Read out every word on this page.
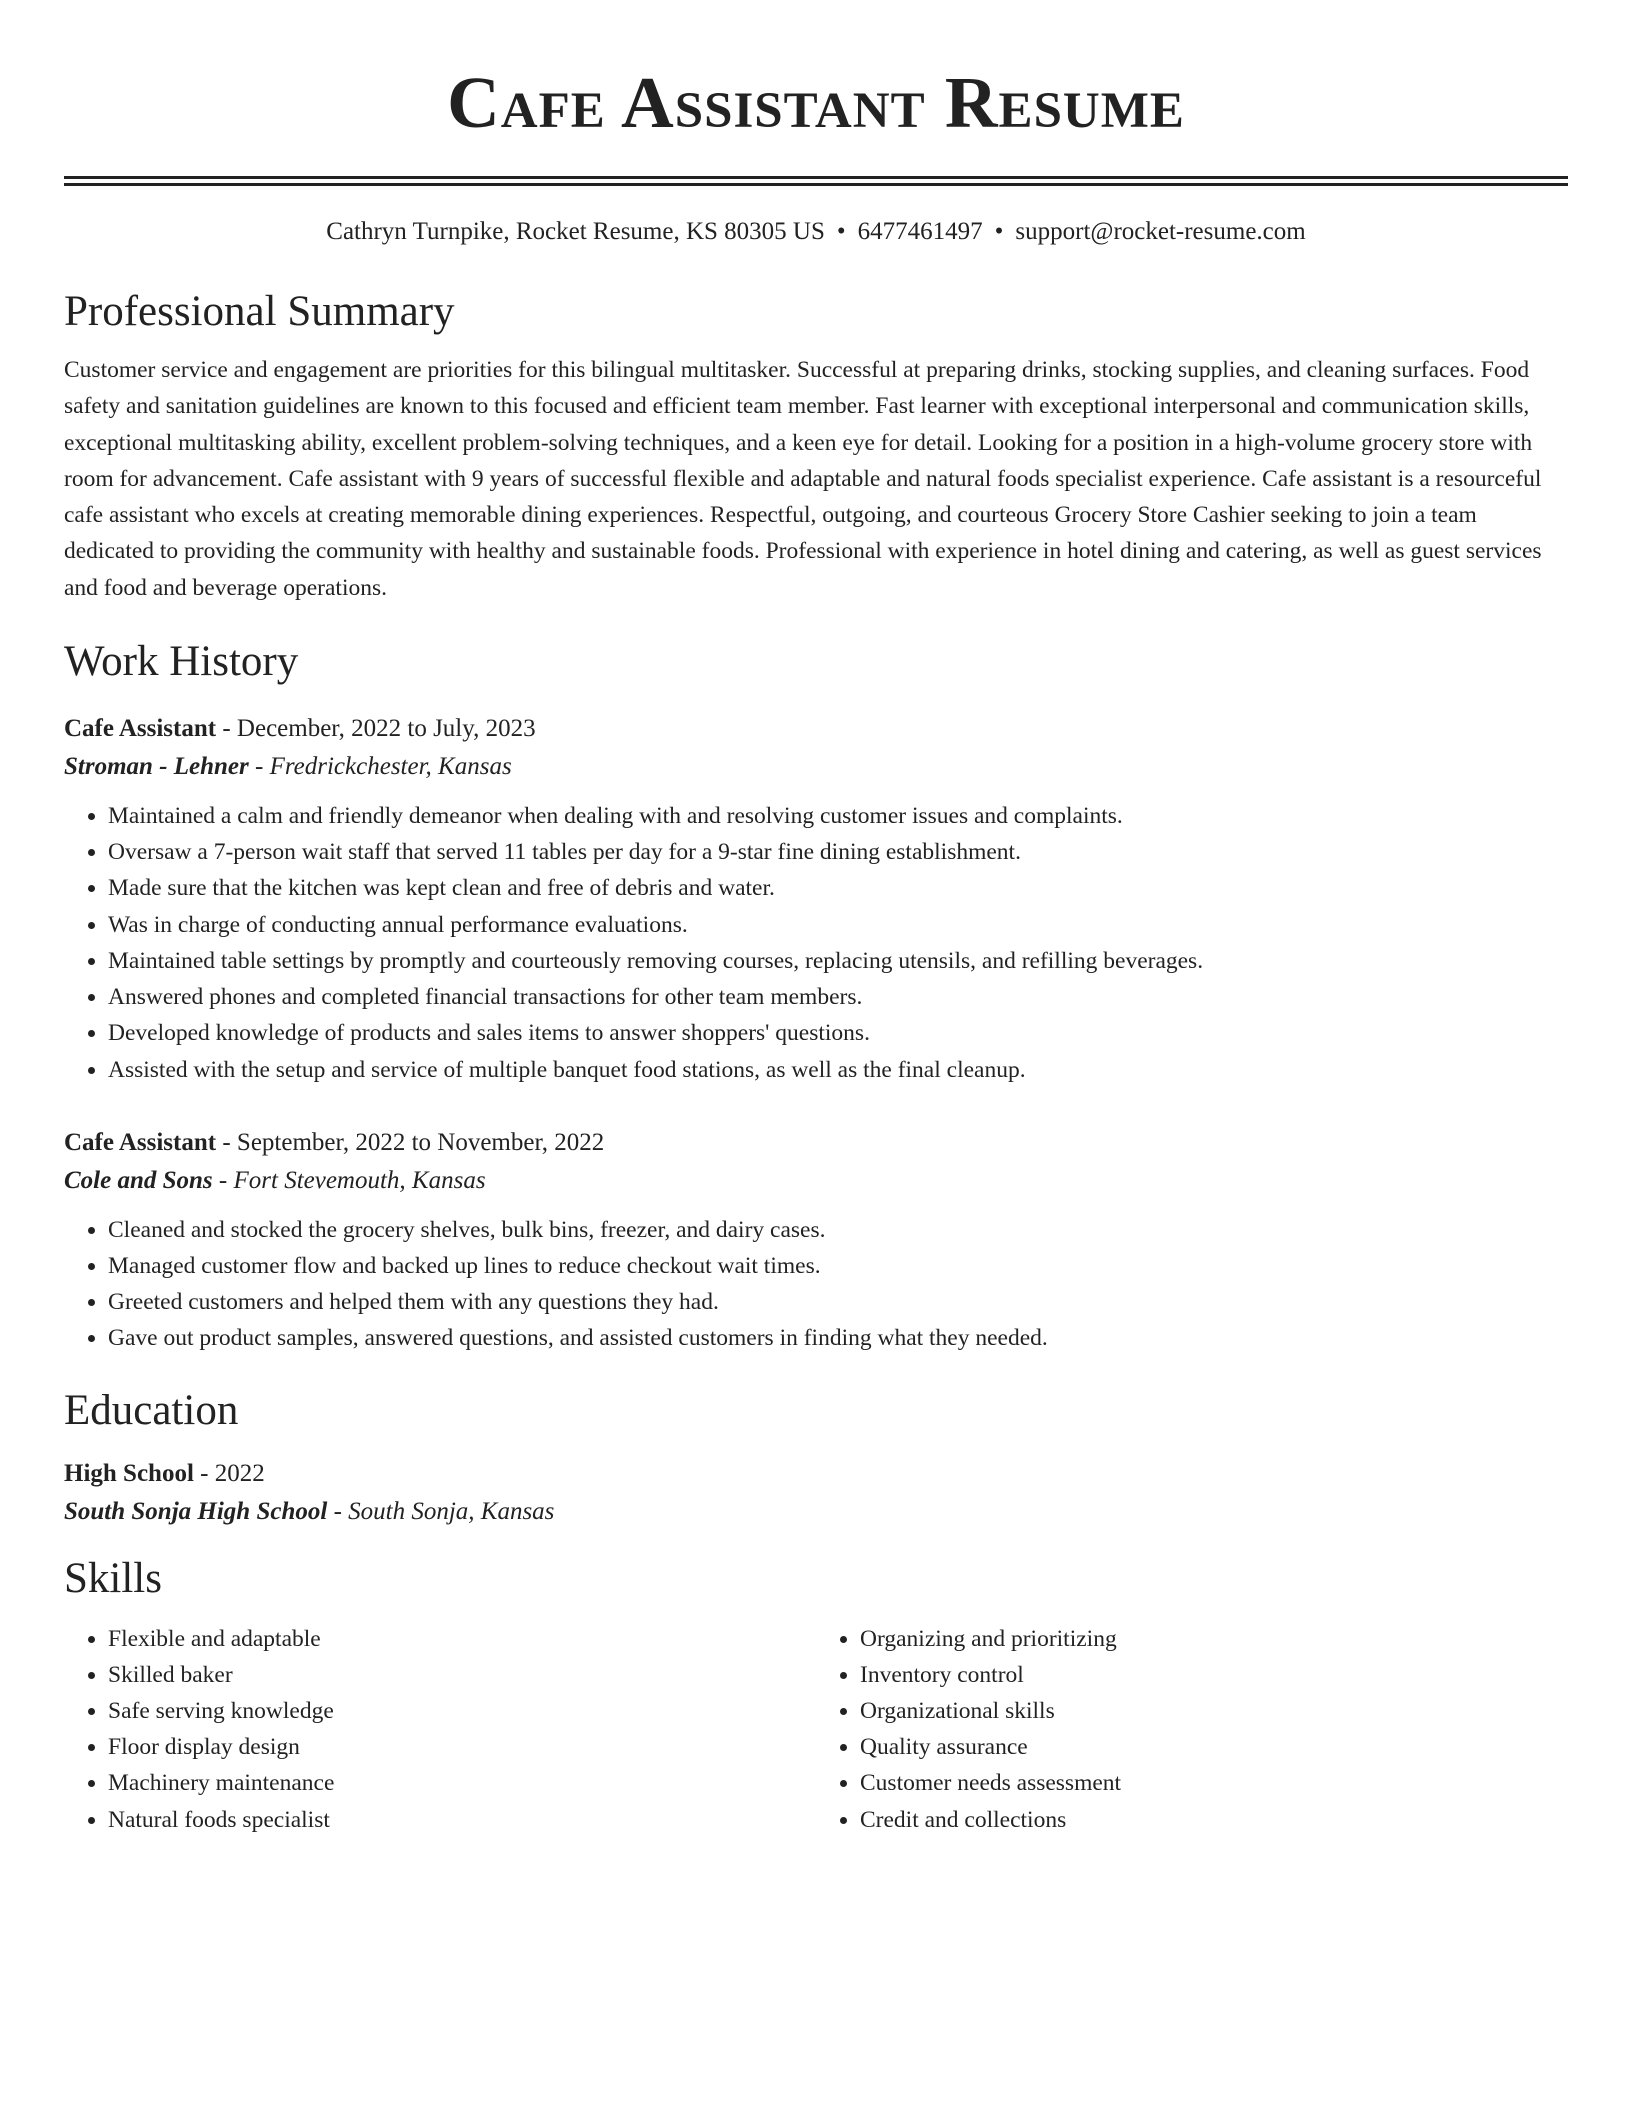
Cafe Assistant Resume
Cathryn Turnpike, Rocket Resume, KS 80305 US • 6477461497 • support@rocket-resume.com
Professional Summary

Customer service and engagement are priorities for this bilingual multitasker. Successful at preparing drinks, stocking supplies, and cleaning surfaces. Food safety and sanitation guidelines are known to this focused and efficient team member. Fast learner with exceptional interpersonal and communication skills, exceptional multitasking ability, excellent problem-solving techniques, and a keen eye for detail. Looking for a position in a high-volume grocery store with room for advancement. Cafe assistant with 9 years of successful flexible and adaptable and natural foods specialist experience. Cafe assistant is a resourceful cafe assistant who excels at creating memorable dining experiences. Respectful, outgoing, and courteous Grocery Store Cashier seeking to join a team dedicated to providing the community with healthy and sustainable foods. Professional with experience in hotel dining and catering, as well as guest services and food and beverage operations.

Work History
Cafe Assistant - December, 2022 to July, 2023
Stroman - Lehner - Fredrickchester, Kansas
• Maintained a calm and friendly demeanor when dealing with and resolving customer issues and complaints.
• Oversaw a 7-person wait staff that served 11 tables per day for a 9-star fine dining establishment.
• Made sure that the kitchen was kept clean and free of debris and water.
• Was in charge of conducting annual performance evaluations.
• Maintained table settings by promptly and courteously removing courses, replacing utensils, and refilling beverages.
• Answered phones and completed financial transactions for other team members.
• Developed knowledge of products and sales items to answer shoppers' questions.
• Assisted with the setup and service of multiple banquet food stations, as well as the final cleanup.
Cafe Assistant - September, 2022 to November, 2022
Cole and Sons - Fort Stevemouth, Kansas
• Cleaned and stocked the grocery shelves, bulk bins, freezer, and dairy cases.
• Managed customer flow and backed up lines to reduce checkout wait times.
• Greeted customers and helped them with any questions they had.
• Gave out product samples, answered questions, and assisted customers in finding what they needed.
Education
High School - 2022
South Sonja High School - South Sonja, Kansas
Skills
• Flexible and adaptable
• Skilled baker
• Safe serving knowledge
• Floor display design
• Machinery maintenance
• Natural foods specialist
• Organizing and prioritizing
• Inventory control
• Organizational skills
• Quality assurance
• Customer needs assessment
• Credit and collections
